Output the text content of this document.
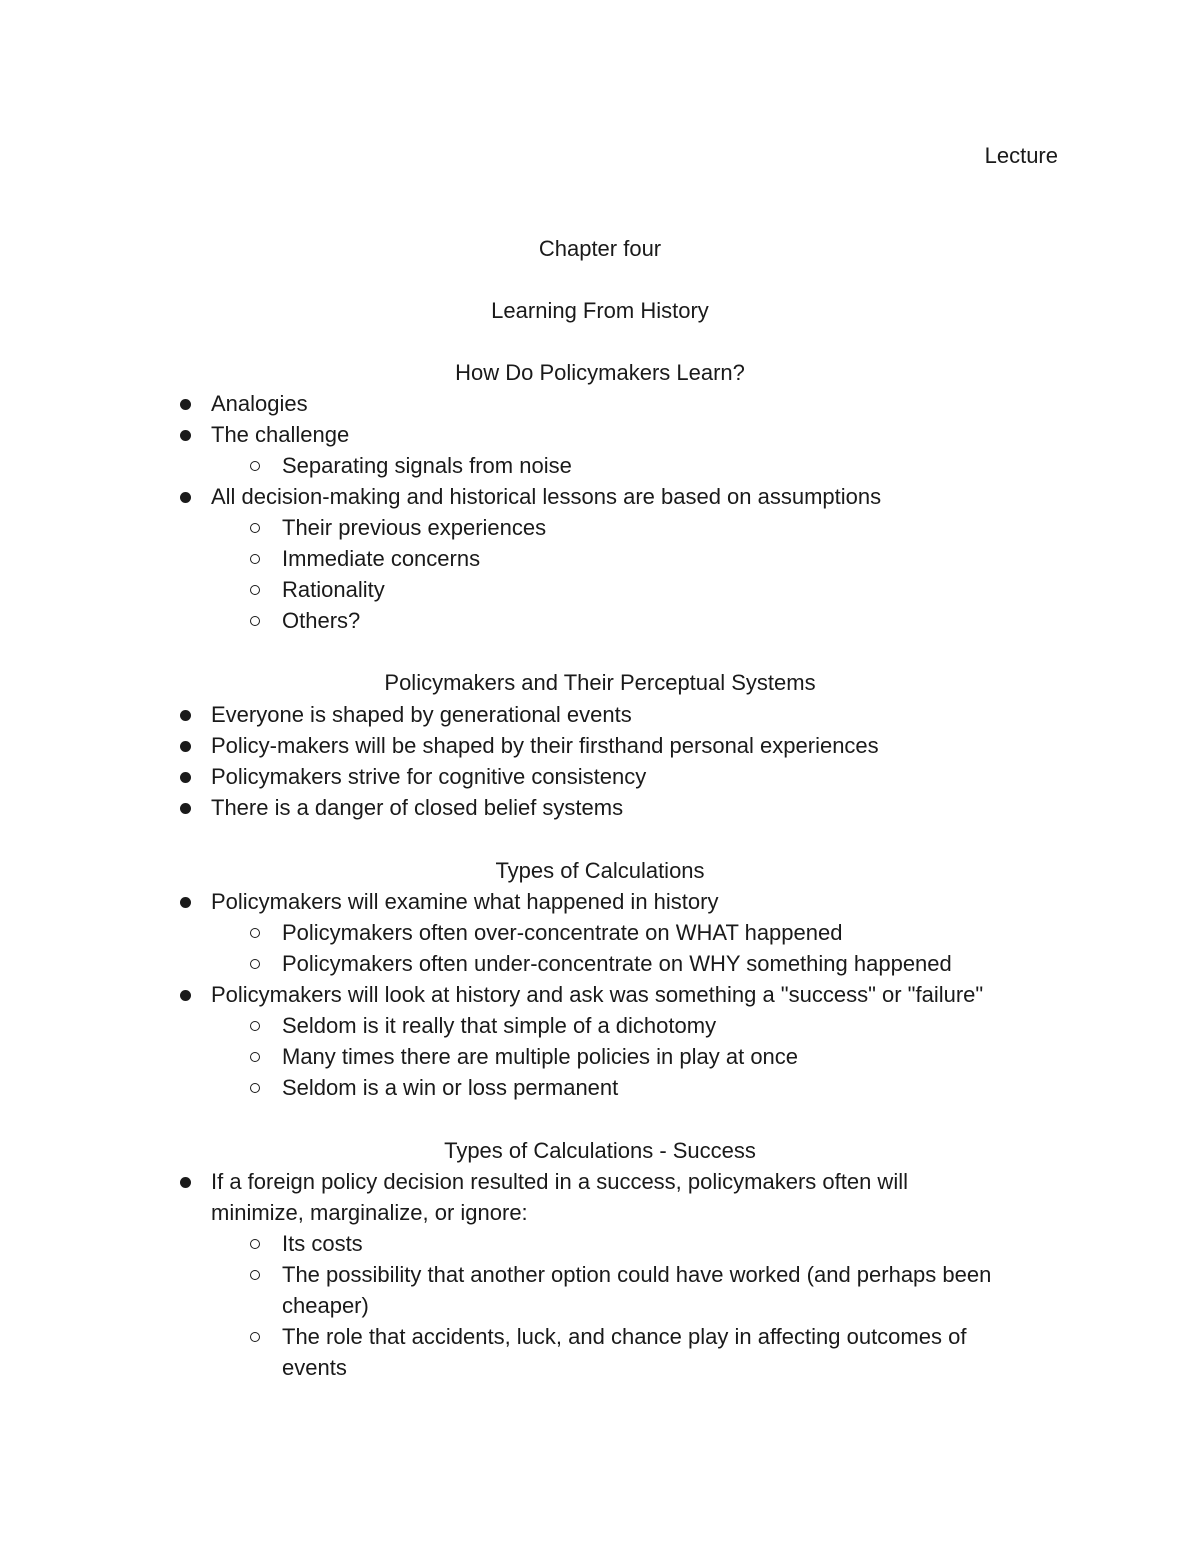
Lecture
Chapter four
Learning From History
How Do Policymakers Learn?
Analogies
The challenge
Separating signals from noise
All decision-making and historical lessons are based on assumptions
Their previous experiences
Immediate concerns
Rationality
Others?
Policymakers and Their Perceptual Systems
Everyone is shaped by generational events
Policy-makers will be shaped by their firsthand personal experiences
Policymakers strive for cognitive consistency
There is a danger of closed belief systems
Types of Calculations
Policymakers will examine what happened in history
Policymakers often over-concentrate on WHAT happened
Policymakers often under-concentrate on WHY something happened
Policymakers will look at history and ask was something a "success" or "failure"
Seldom is it really that simple of a dichotomy
Many times there are multiple policies in play at once
Seldom is a win or loss permanent
Types of Calculations - Success
If a foreign policy decision resulted in a success, policymakers often will
minimize, marginalize, or ignore:
Its costs
The possibility that another option could have worked (and perhaps been
cheaper)
The role that accidents, luck, and chance play in affecting outcomes of
events
